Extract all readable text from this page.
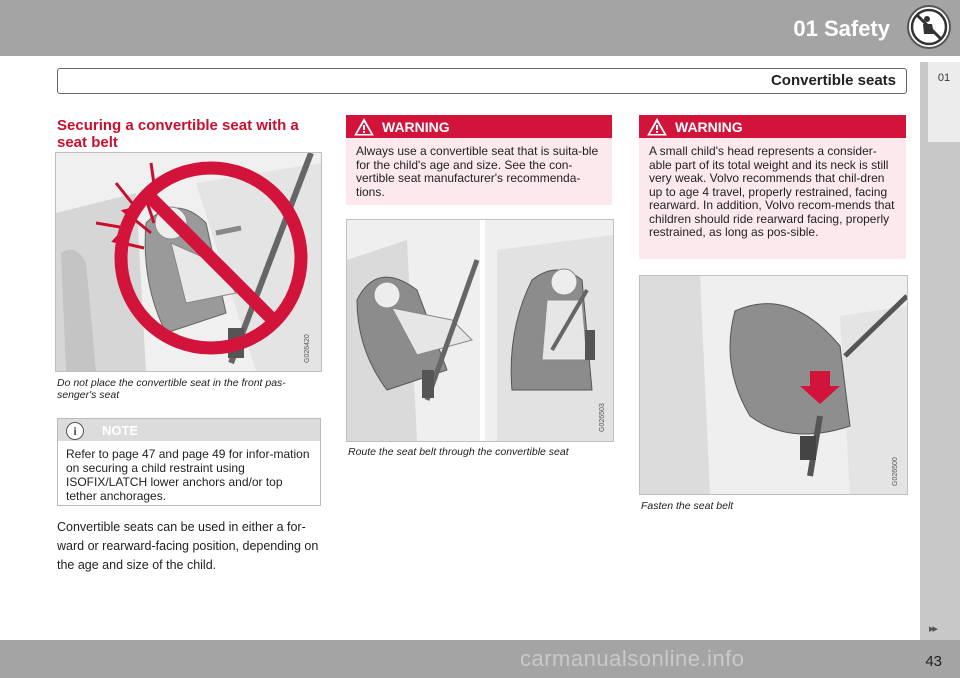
01 Safety
Convertible seats	01
Securing a convertible seat with a seat belt
G026420
Do not place the convertible seat in the front pas-senger's seat
i	NOTE
Refer to page 47 and page 49 for infor-mation on securing a child restraint using ISOFIX/LATCH lower anchors and/or top tether anchorages.
Convertible seats can be used in either a for-ward or rearward-facing position, depending on the age and size of the child.
WARNING
Always use a convertible seat that is suita-ble for the child's age and size. See the con-vertible seat manufacturer's recommenda-tions.
G026503
Route the seat belt through the convertible seat
WARNING
A small child's head represents a consider-able part of its total weight and its neck is still very weak. Volvo recommends that chil-dren up to age 4 travel, properly restrained, facing rearward. In addition, Volvo recom-mends that children should ride rearward facing, properly restrained, as long as pos-sible.
G026500
Fasten the seat belt
▸▸
carmanualsonline.info	43
